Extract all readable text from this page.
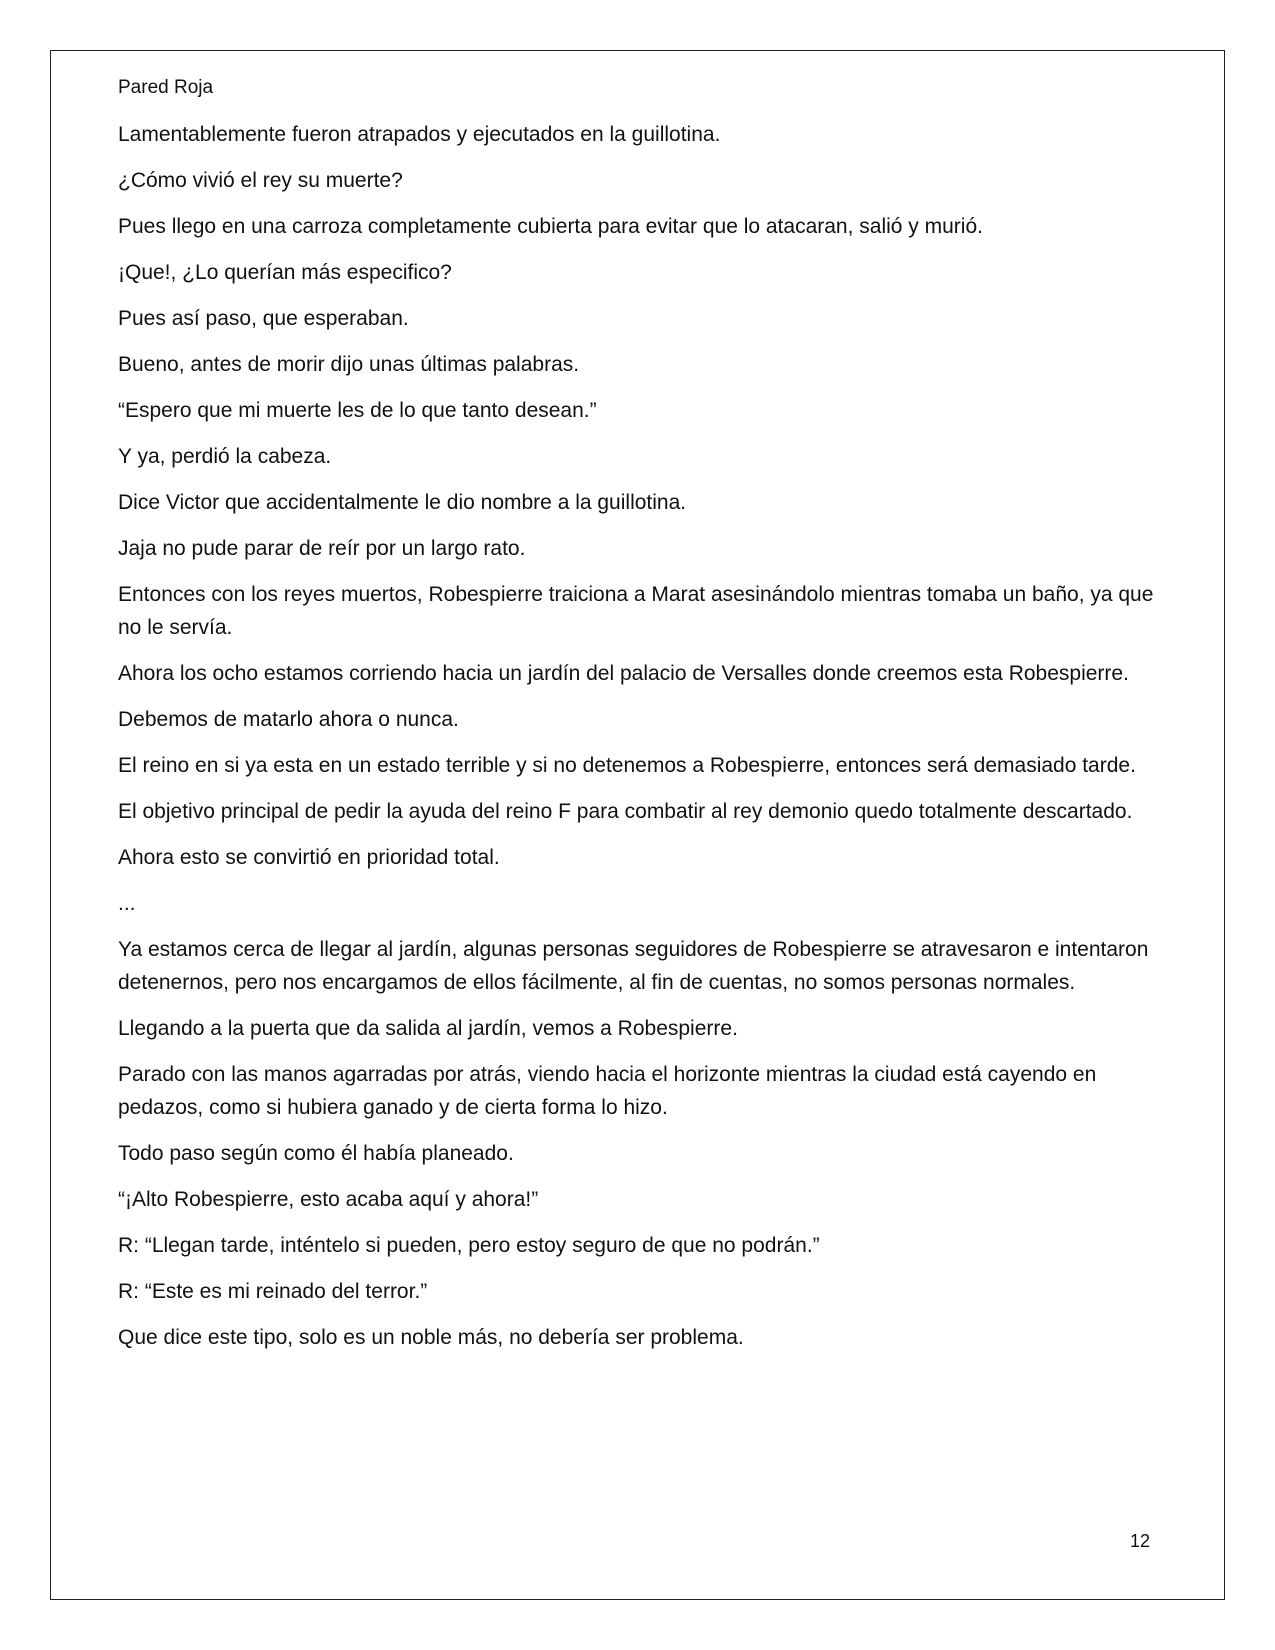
Pared Roja

Lamentablemente fueron atrapados y ejecutados en la guillotina.

¿Cómo vivió el rey su muerte?

Pues llego en una carroza completamente cubierta para evitar que lo atacaran, salió y murió.

¡Que!, ¿Lo querían más especifico?

Pues así paso, que esperaban.

Bueno, antes de morir dijo unas últimas palabras.

“Espero que mi muerte les de lo que tanto desean.”

Y ya, perdió la cabeza.

Dice Victor que accidentalmente le dio nombre a la guillotina.

Jaja no pude parar de reír por un largo rato.

Entonces con los reyes muertos, Robespierre traiciona a Marat asesinándolo mientras tomaba un baño, ya que no le servía.

Ahora los ocho estamos corriendo hacia un jardín del palacio de Versalles donde creemos esta Robespierre.

Debemos de matarlo ahora o nunca.

El reino en si ya esta en un estado terrible y si no detenemos a Robespierre, entonces será demasiado tarde.

El objetivo principal de pedir la ayuda del reino F para combatir al rey demonio quedo totalmente descartado.

Ahora esto se convirtió en prioridad total.

...

Ya estamos cerca de llegar al jardín, algunas personas seguidores de Robespierre se atravesaron e intentaron detenernos, pero nos encargamos de ellos fácilmente, al fin de cuentas, no somos personas normales.

Llegando a la puerta que da salida al jardín, vemos a Robespierre.

Parado con las manos agarradas por atrás, viendo hacia el horizonte mientras la ciudad está cayendo en pedazos, como si hubiera ganado y de cierta forma lo hizo.

Todo paso según como él había planeado.

“¡Alto Robespierre, esto acaba aquí y ahora!”

R: “Llegan tarde, inténtelo si pueden, pero estoy seguro de que no podrán.”

R: “Este es mi reinado del terror.”

Que dice este tipo, solo es un noble más, no debería ser problema.

12
